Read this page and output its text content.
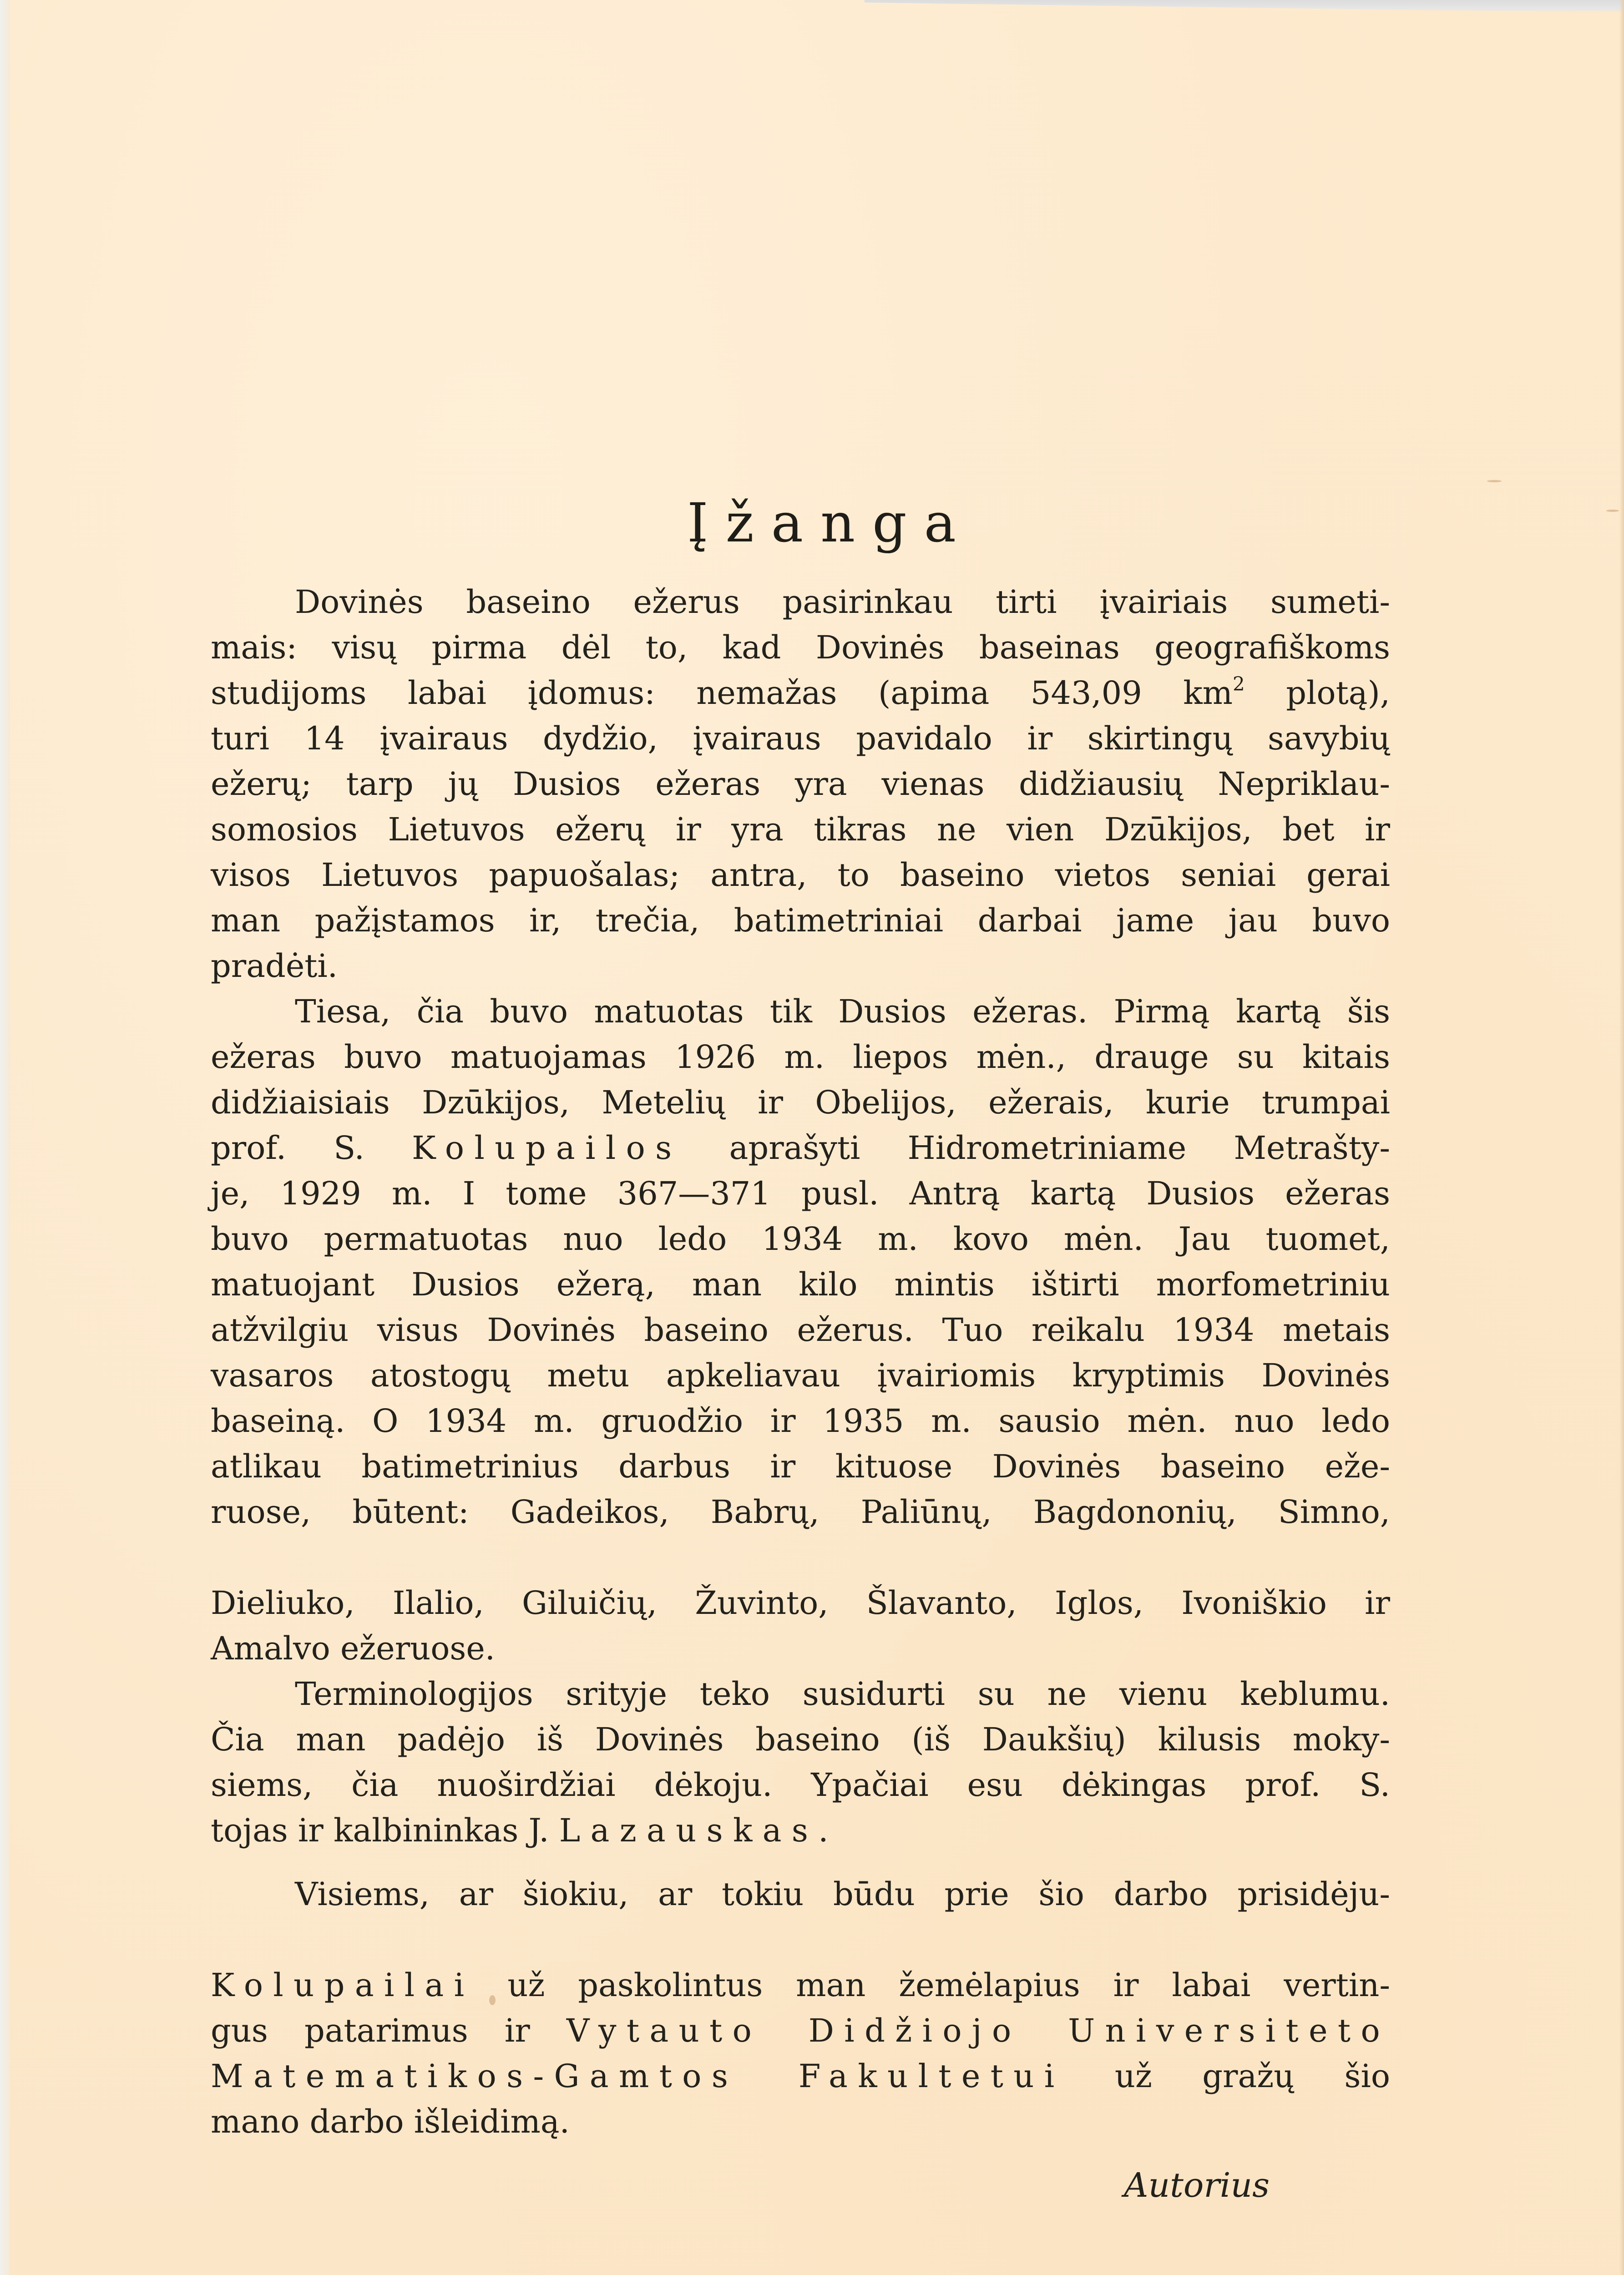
Įžanga
Dovinės baseino ežerus pasirinkau tirti įvairiais sumeti-
mais: visų pirma dėl to, kad Dovinės baseinas geografiškoms
studijoms labai įdomus: nemažas (apima 543,09 $km^2$ plotą),
turi 14 įvairaus dydžio, įvairaus pavidalo ir skirtingų savybių
ežerų; tarp jų Dusios ežeras yra vienas didžiausių Nepriklau-
somosios Lietuvos ežerų ir yra tikras ne vien Dzūkijos, bet ir
visos Lietuvos papuošalas; antra, to baseino vietos seniai gerai
man pažįstamos ir, trečia, batimetriniai darbai jame jau buvo
pradėti.
Tiesa, čia buvo matuotas tik Dusios ežeras. Pirmą kartą šis
ežeras buvo matuojamas 1926 m. liepos mėn., drauge su kitais
didžiaisiais Dzūkijos, Metelių ir Obelijos, ežerais, kurie trumpai
prof. S. Kolupailos aprašyti Hidrometriniame Metrašty-
je, 1929 m. I tome 367—371 pusl. Antrą kartą Dusios ežeras
buvo permatuotas nuo ledo 1934 m. kovo mėn. Jau tuomet,
matuojant Dusios ežerą, man kilo mintis ištirti morfometriniu
atžvilgiu visus Dovinės baseino ežerus. Tuo reikalu 1934 metais
vasaros atostogų metu apkeliavau įvairiomis kryptimis Dovinės
baseiną. O 1934 m. gruodžio ir 1935 m. sausio mėn. nuo ledo
atlikau batimetrinius darbus ir kituose Dovinės baseino eže-
ruose, būtent: Gadeikos, Babrų, Paliūnų, Bagdononių, Simno,
Dieliuko, Ilalio, Giluičių, Žuvinto, Šlavanto, Iglos, Ivoniškio ir
Amalvo ežeruose.
Terminologijos srityje teko susidurti su ne vienu keblumu.
Čia man padėjo iš Dovinės baseino (iš Daukšių) kilusis moky-
tojas ir kalbininkas J. Lazauskas.
Visiems, ar šiokiu, ar tokiu būdu prie šio darbo prisidėju-
siems, čia nuoširdžiai dėkoju. Ypačiai esu dėkingas prof. S.
Kolupailai už paskolintus man žemėlapius ir labai vertin-
gus patarimus ir Vytauto Didžiojo Universiteto
Matematikos-Gamtos Fakultetui už gražų šio
mano darbo išleidimą.
Autorius
